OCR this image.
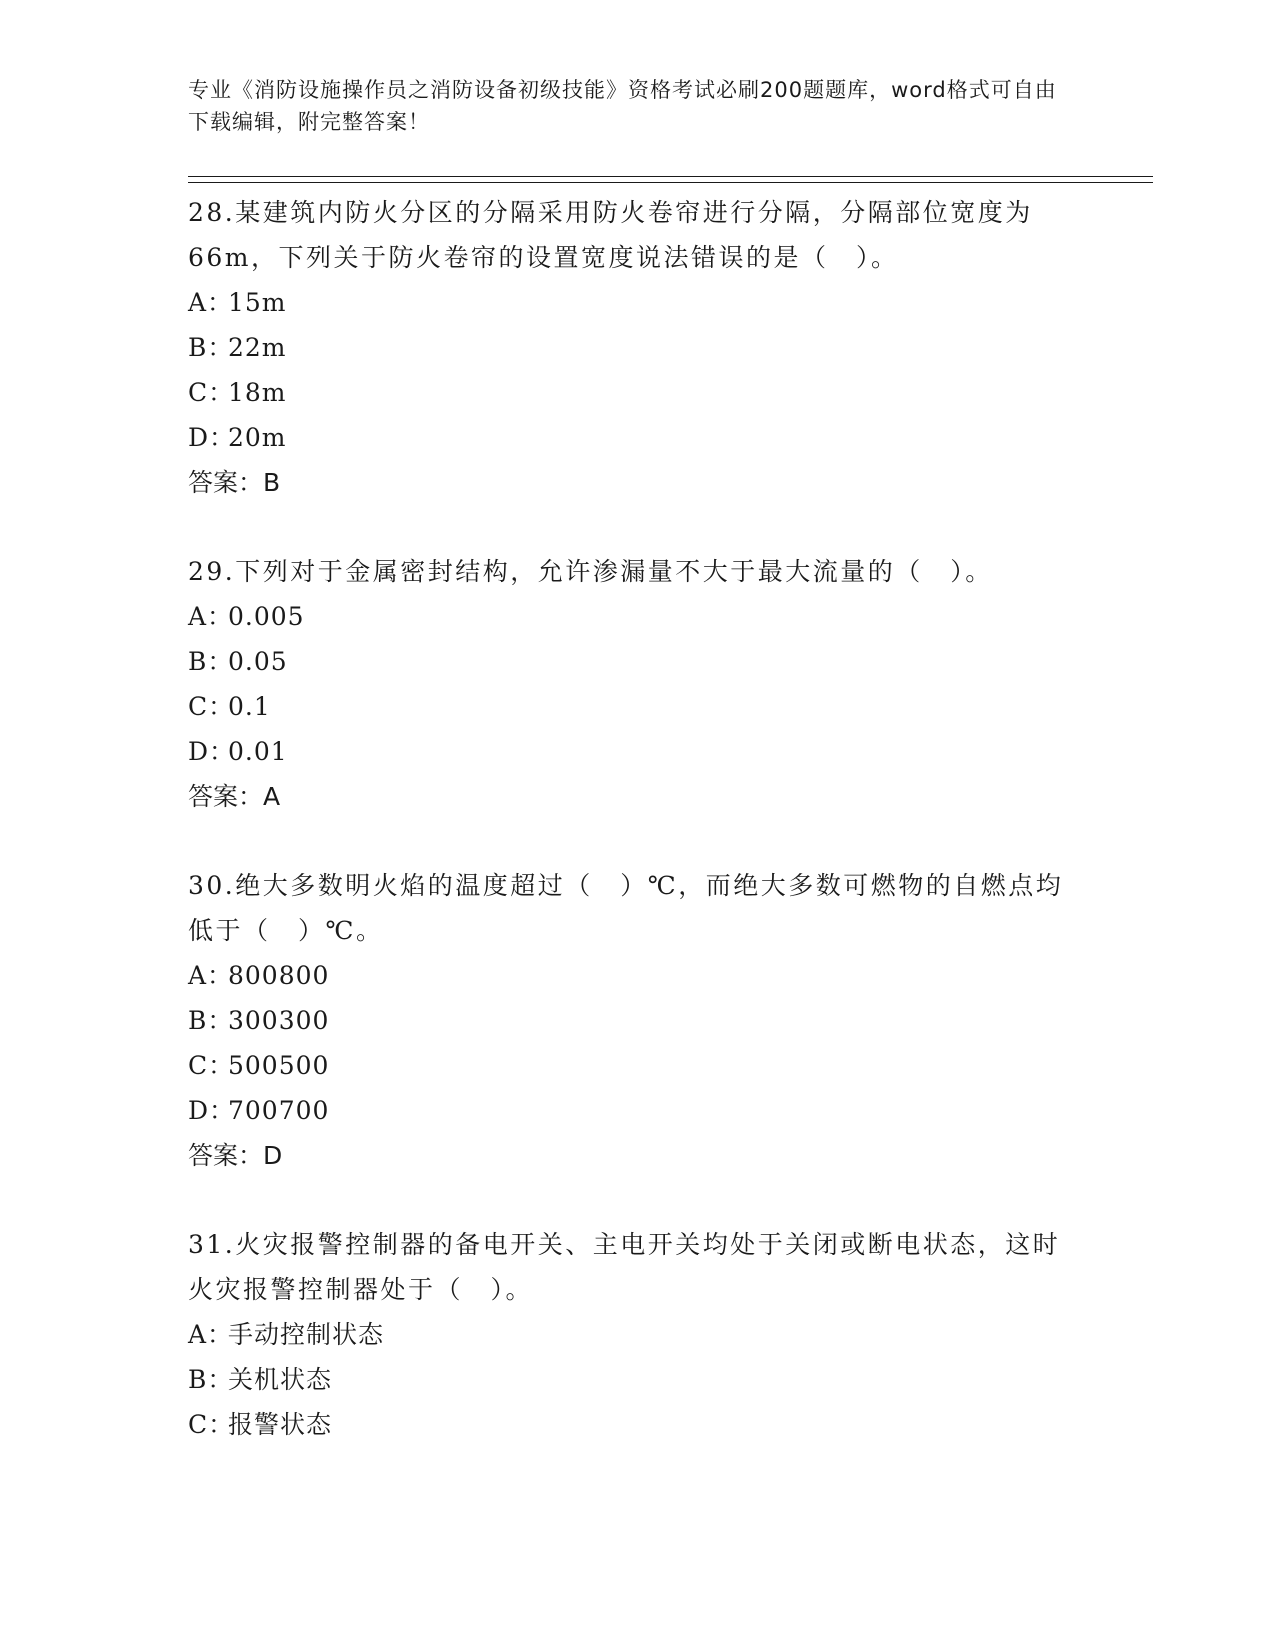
专业《消防设施操作员之消防设备初级技能》资格考试必刷200题题库，word格式可自由下载编辑，附完整答案！

28.某建筑内防火分区的分隔采用防火卷帘进行分隔，分隔部位宽度为66m，下列关于防火卷帘的设置宽度说法错误的是（　）。

A：15m

B：22m

C：18m

D：20m

答案：B

29.下列对于金属密封结构，允许渗漏量不大于最大流量的（　）。

A：0.005

B：0.05

C：0.1

D：0.01

答案：A

30.绝大多数明火焰的温度超过（　）℃，而绝大多数可燃物的自燃点均低于（　）℃。

A：800800

B：300300

C：500500

D：700700

答案：D

31.火灾报警控制器的备电开关、主电开关均处于关闭或断电状态，这时火灾报警控制器处于（　）。

A：手动控制状态

B：关机状态

C：报警状态
